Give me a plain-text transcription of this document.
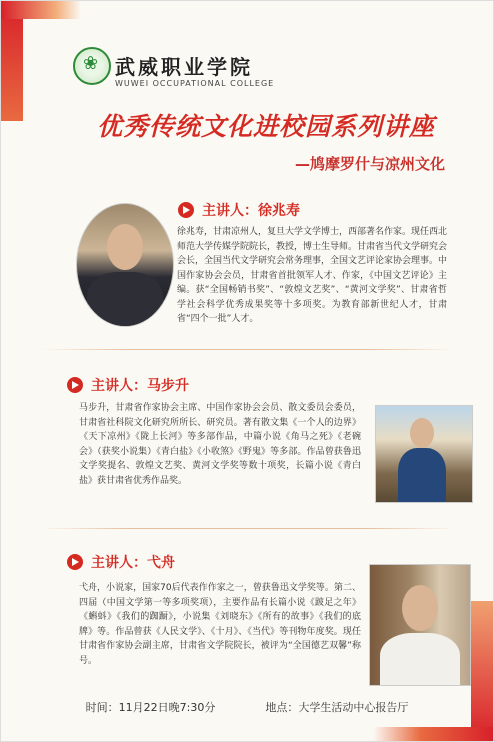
❀
武威职业学院
WUWEI OCCUPATIONAL COLLEGE
优秀传统文化进校园系列讲座
—鸠摩罗什与凉州文化
主讲人：徐兆寿

徐兆寿，甘肃凉州人，复旦大学文学博士，西部著名作家。现任西北师范大学传媒学院院长，教授，博士生导师。甘肃省当代文学研究会会长，全国当代文学研究会常务理事，全国文艺评论家协会理事。中国作家协会会员，甘肃省首批领军人才、作家，《中国文艺评论》主编。获“全国畅销书奖”、“敦煌文艺奖”、“黄河文学奖”、甘肃省哲学社会科学优秀成果奖等十多项奖。为教育部新世纪人才，甘肃省“四个一批”人才。

主讲人：马步升

马步升，甘肃省作家协会主席、中国作家协会会员、散文委员会委员，甘肃省社科院文化研究所所长、研究员。著有散文集《一个人的边界》《天下凉州》《陇上长河》等多部作品，中篇小说《角马之死》《老碗会》（获奖小说集）《青白盐》《小收煞》《野鬼》等多部。作品曾获鲁迅文学奖提名、敦煌文艺奖、黄河文学奖等数十项奖，长篇小说《青白盐》获甘肃省优秀作品奖。

主讲人：弋舟

弋舟，小说家，国家70后代表作作家之一，曾获鲁迅文学奖等。第二、四届（中国文学第一等多项奖项），主要作品有长篇小说《跛足之年》《蝌蚪》《我们的踟蹰》，小说集《刘晓东》《所有的故事》《我们的底牌》等。作品曾获《人民文学》、《十月》、《当代》等刊物年度奖。现任甘肃省作家协会副主席，甘肃省文学院院长，被评为“全国德艺双馨”称号。

时间：11月22日晚7:30分	地点：大学生活动中心报告厅
